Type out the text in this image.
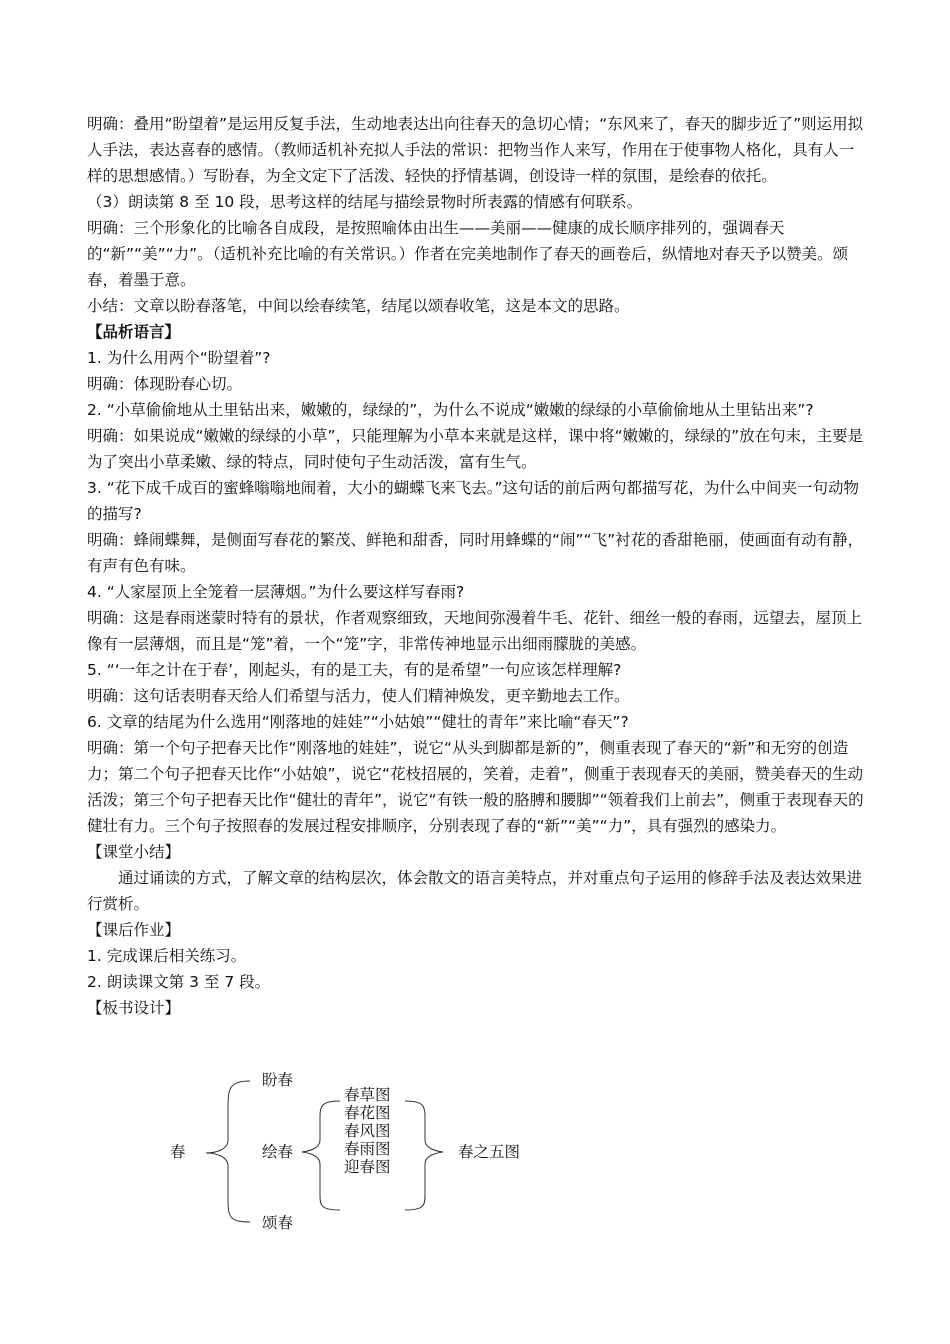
明确：叠用“盼望着”是运用反复手法，生动地表达出向往春天的急切心情；“东风来了，春天的脚步近了”则运用拟人手法，表达喜春的感情。（教师适机补充拟人手法的常识：把物当作人来写，作用在于使事物人格化，具有人一样的思想感情。）写盼春，为全文定下了活泼、轻快的抒情基调，创设诗一样的氛围，是绘春的依托。

（3）朗读第 8 至 10 段，思考这样的结尾与描绘景物时所表露的情感有何联系。

明确：三个形象化的比喻各自成段，是按照喻体由出生——美丽——健康的成长顺序排列的，强调春天的“新”“美”“力”。（适机补充比喻的有关常识。）作者在完美地制作了春天的画卷后，纵情地对春天予以赞美。颂春，着墨于意。

小结：文章以盼春落笔，中间以绘春续笔，结尾以颂春收笔，这是本文的思路。

【品析语言】

1. 为什么用两个“盼望着”?

明确：体现盼春心切。

2. “小草偷偷地从土里钻出来，嫩嫩的，绿绿的”，为什么不说成“嫩嫩的绿绿的小草偷偷地从土里钻出来”?

明确：如果说成“嫩嫩的绿绿的小草”，只能理解为小草本来就是这样，课中将“嫩嫩的，绿绿的”放在句末，主要是为了突出小草柔嫩、绿的特点，同时使句子生动活泼，富有生气。

3. “花下成千成百的蜜蜂嗡嗡地闹着，大小的蝴蝶飞来飞去。”这句话的前后两句都描写花，为什么中间夹一句动物的描写?

明确：蜂闹蝶舞，是侧面写春花的繁茂、鲜艳和甜香，同时用蜂蝶的“闹”“飞”衬花的香甜艳丽，使画面有动有静，有声有色有味。

4. “人家屋顶上全笼着一层薄烟。”为什么要这样写春雨?

明确：这是春雨迷蒙时特有的景状，作者观察细致，天地间弥漫着牛毛、花针、细丝一般的春雨，远望去，屋顶上像有一层薄烟，而且是“笼”着，一个“笼”字，非常传神地显示出细雨朦胧的美感。

5. “‘一年之计在于春’，刚起头，有的是工夫，有的是希望”一句应该怎样理解?

明确：这句话表明春天给人们希望与活力，使人们精神焕发，更辛勤地去工作。

6. 文章的结尾为什么选用“刚落地的娃娃”“小姑娘”“健壮的青年”来比喻“春天”?

明确：第一个句子把春天比作“刚落地的娃娃”，说它“从头到脚都是新的”，侧重表现了春天的“新”和无穷的创造力；第二个句子把春天比作“小姑娘”，说它“花枝招展的，笑着，走着”，侧重于表现春天的美丽，赞美春天的生动活泼；第三个句子把春天比作“健壮的青年”，说它“有铁一般的胳膊和腰脚”“领着我们上前去”，侧重于表现春天的健壮有力。三个句子按照春的发展过程安排顺序，分别表现了春的“新”“美”“力”，具有强烈的感染力。

【课堂小结】

通过诵读的方式，了解文章的结构层次，体会散文的语言美特点，并对重点句子运用的修辞手法及表达效果进行赏析。

【课后作业】

1. 完成课后相关练习。

2. 朗读课文第 3 至 7 段。

【板书设计】

春
盼春
绘春
颂春
春草图
春花图
春风图
春雨图
迎春图
春之五图
